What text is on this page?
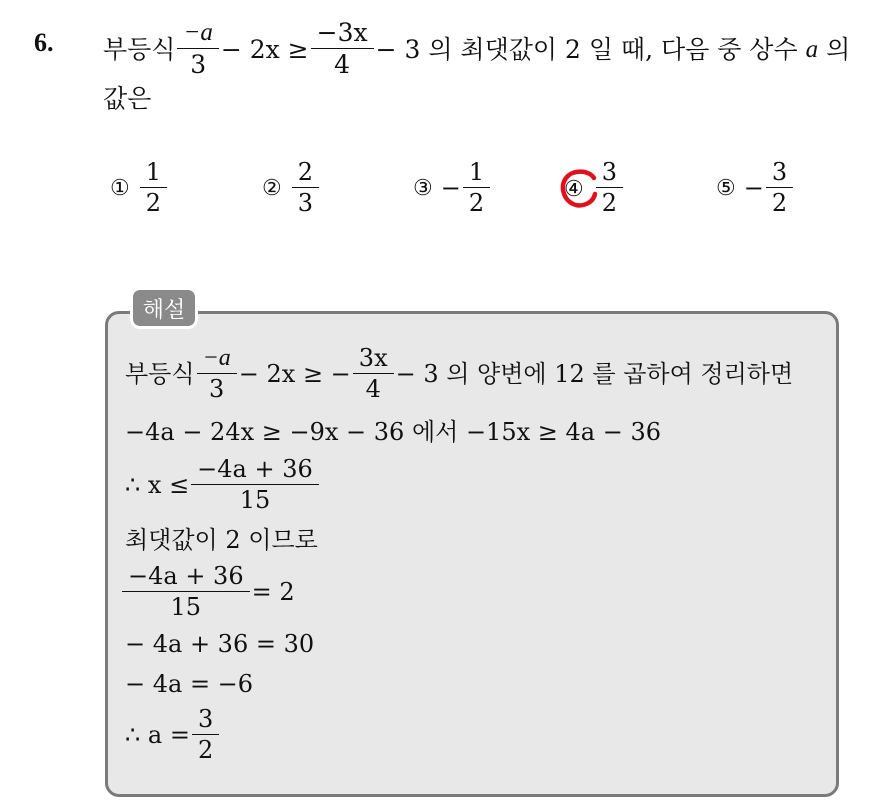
6. 부등식 $\frac{-a}{3} - 2x \ge \frac{-3x}{4} - 3$ 의 최댓값이 2 일 때, 다음 중 상수 a 의
값은
① $\frac{1}{2}$	② $\frac{2}{3}$	③ − $\frac{1}{2}$	④ $\frac{3}{2}$	⑤ − $\frac{3}{2}$
해설
부등식 $\frac{-a}{3} - 2x$ ≥ − $\frac{3x}{4} - 3$ 의 양변에 12 를 곱하여 정리하면
−4a − 24x ≥ −9x − 36 에서 −15x ≥ 4a − 36
∴ $x \le \frac{-4a + 36}{15}$
최댓값이 2 이므로
$\frac{-4a + 36}{15} = 2$
− 4a + 36 = 30
− 4a = −6
∴ $a = \frac{3}{2}$
